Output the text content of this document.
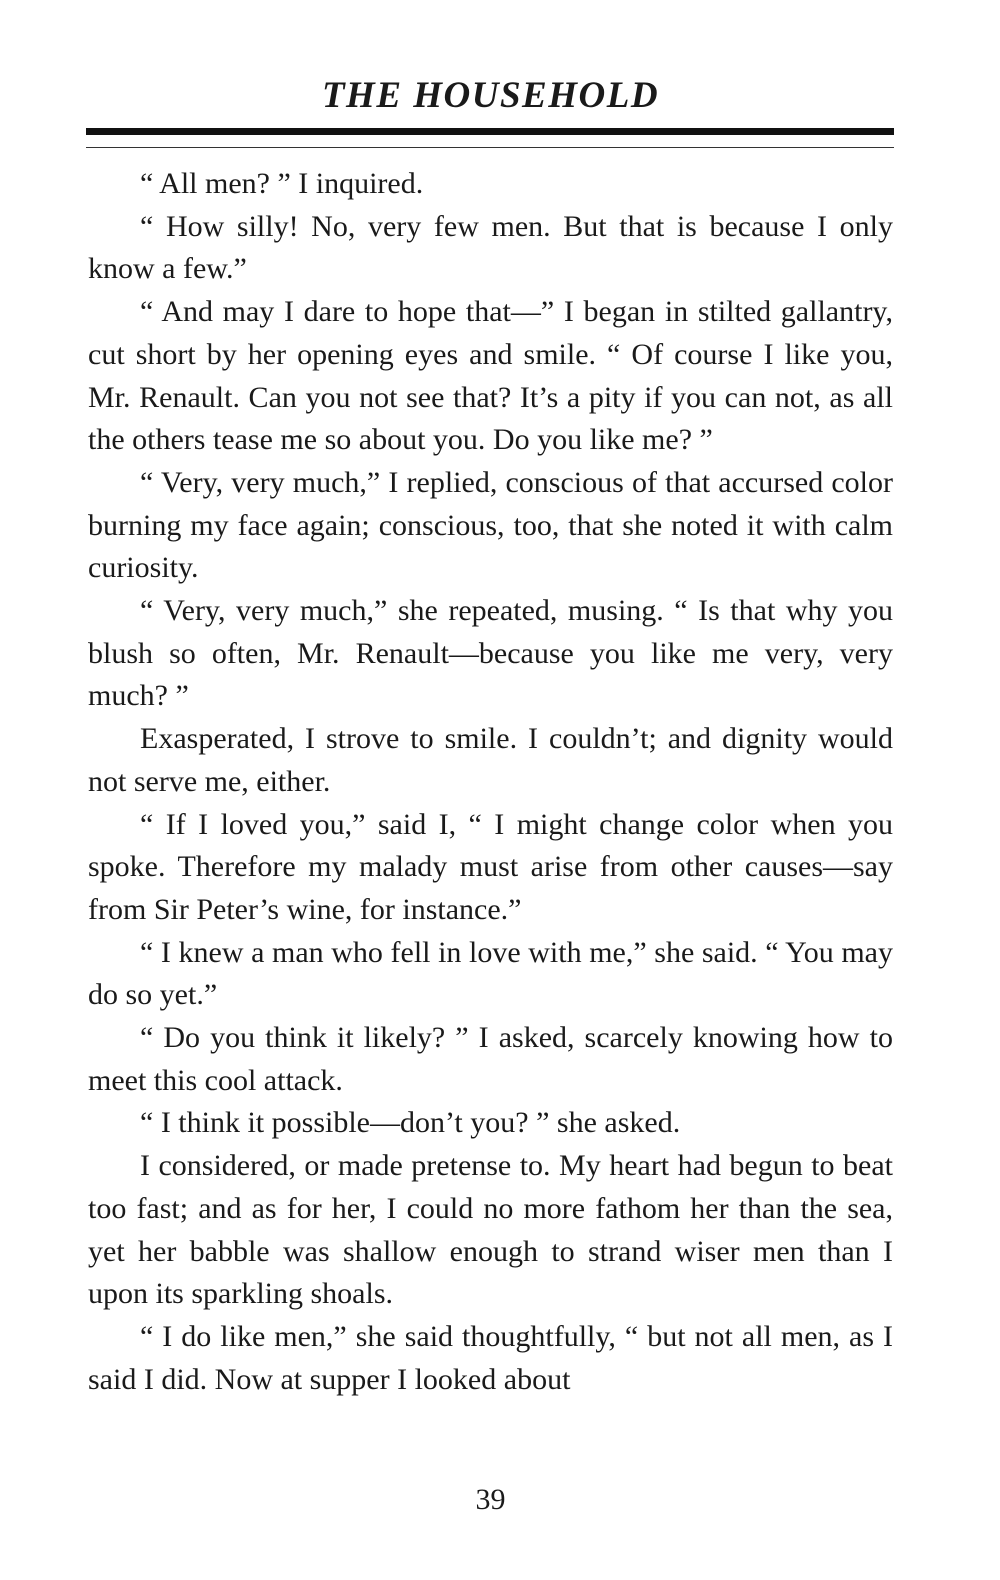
THE HOUSEHOLD

“ All men? ” I inquired.

“ How silly! No, very few men. But that is because I only know a few.”

“ And may I dare to hope that—” I began in stilted gallantry, cut short by her opening eyes and smile. “ Of course I like you, Mr. Renault. Can you not see that? It’s a pity if you can not, as all the others tease me so about you. Do you like me? ”

“ Very, very much,” I replied, conscious of that accursed color burning my face again; conscious, too, that she noted it with calm curiosity.

“ Very, very much,” she repeated, musing. “ Is that why you blush so often, Mr. Renault—because you like me very, very much? ”

Exasperated, I strove to smile. I couldn’t; and dignity would not serve me, either.

“ If I loved you,” said I, “ I might change color when you spoke. Therefore my malady must arise from other causes—say from Sir Peter’s wine, for instance.”

“ I knew a man who fell in love with me,” she said. “ You may do so yet.”

“ Do you think it likely? ” I asked, scarcely knowing how to meet this cool attack.

“ I think it possible—don’t you? ” she asked.

I considered, or made pretense to. My heart had begun to beat too fast; and as for her, I could no more fathom her than the sea, yet her babble was shallow enough to strand wiser men than I upon its sparkling shoals.

“ I do like men,” she said thoughtfully, “ but not all men, as I said I did. Now at supper I looked about

39
